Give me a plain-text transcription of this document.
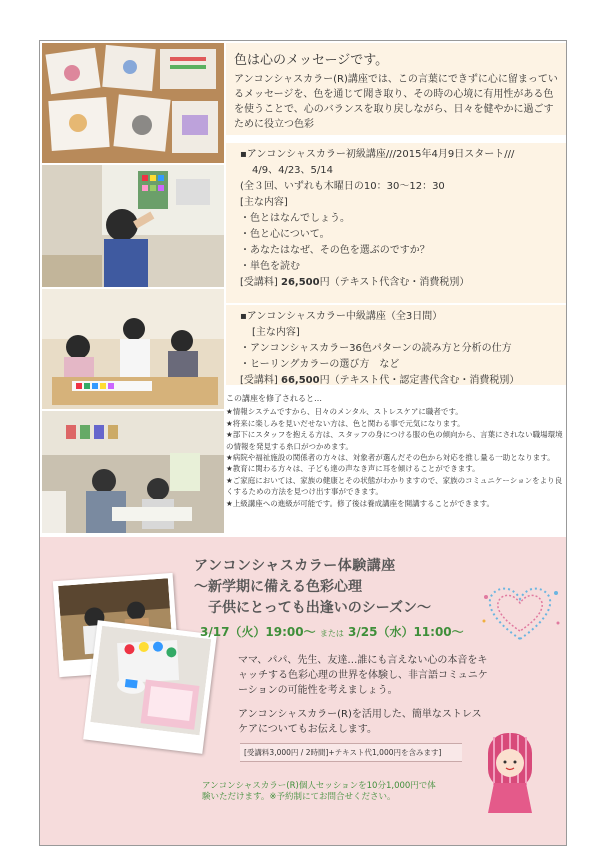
色は心のメッセージです。
アンコンシャスカラー(R)講座では、この言葉にできずに心に留まっているメッセージを、色を通じて聞き取り、その時の心境に有用性がある色を使うことで、心のバランスを取り戻しながら、日々を健やかに過ごすために役立つ色彩
▪アンコンシャスカラー初級講座///2015年4月9日スタート///
4/9、4/23、5/14
(全３回、いずれも木曜日の10：30～12：30
[主な内容]
・色とはなんでしょう。
・色と心について。
・あなたはなぜ、その色を選ぶのですか？
・単色を読む
[受講料] 26,500円（テキスト代含む・消費税別）
▪アンコンシャスカラー中級講座（全3日間）
[主な内容]
・アンコンシャスカラー36色パターンの読み方と分析の仕方
・ヒーリングカラーの選び方　など
[受講料] 66,500円（テキスト代・認定書代含む・消費税別）

この講座を修了されると…

★情報システムですから、日々のメンタル、ストレスケアに職者です。

★将来に楽しみを見いだせない方は、色と関わる事で元気になります。

★部下にスタッフを抱える方は、スタッフの身につける服の色の傾向から、言葉にされない職場環境の情報を発見する糸口がつかめます。

★病院や福祉施設の関係者の方々は、対象者が選んだその色から対応を推し量る一助となります。

★教育に関わる方々は、子ども達の声なき声に耳を傾けることができます。

★ご家庭においては、家族の健康とその状態がわかりますので、家族のコミュニケーションをより良くするための方法を見つけ出す事ができます。

★上級講座への進級が可能です。修了後は養成講座を開講することができます。

アンコンシャスカラー体験講座
～新学期に備える色彩心理
子供にとっても出逢いのシーズン～
3/17（火）19:00～ または 3/25（水）11:00～
ママ、パパ、先生、友達…誰にも言えない心の本音をキャッチする色彩心理の世界を体験し、非言語コミュニケーションの可能性を考えましょう。
アンコンシャスカラー(R)を活用した、簡単なストレスケアについてもお伝えします。
[受講料3,000円 / 2時間]+テキスト代1,000円を含みます]
アンコンシャスカラー(R)個人セッションを10分1,000円で体験いただけます。※予約制にてお問合せください。
